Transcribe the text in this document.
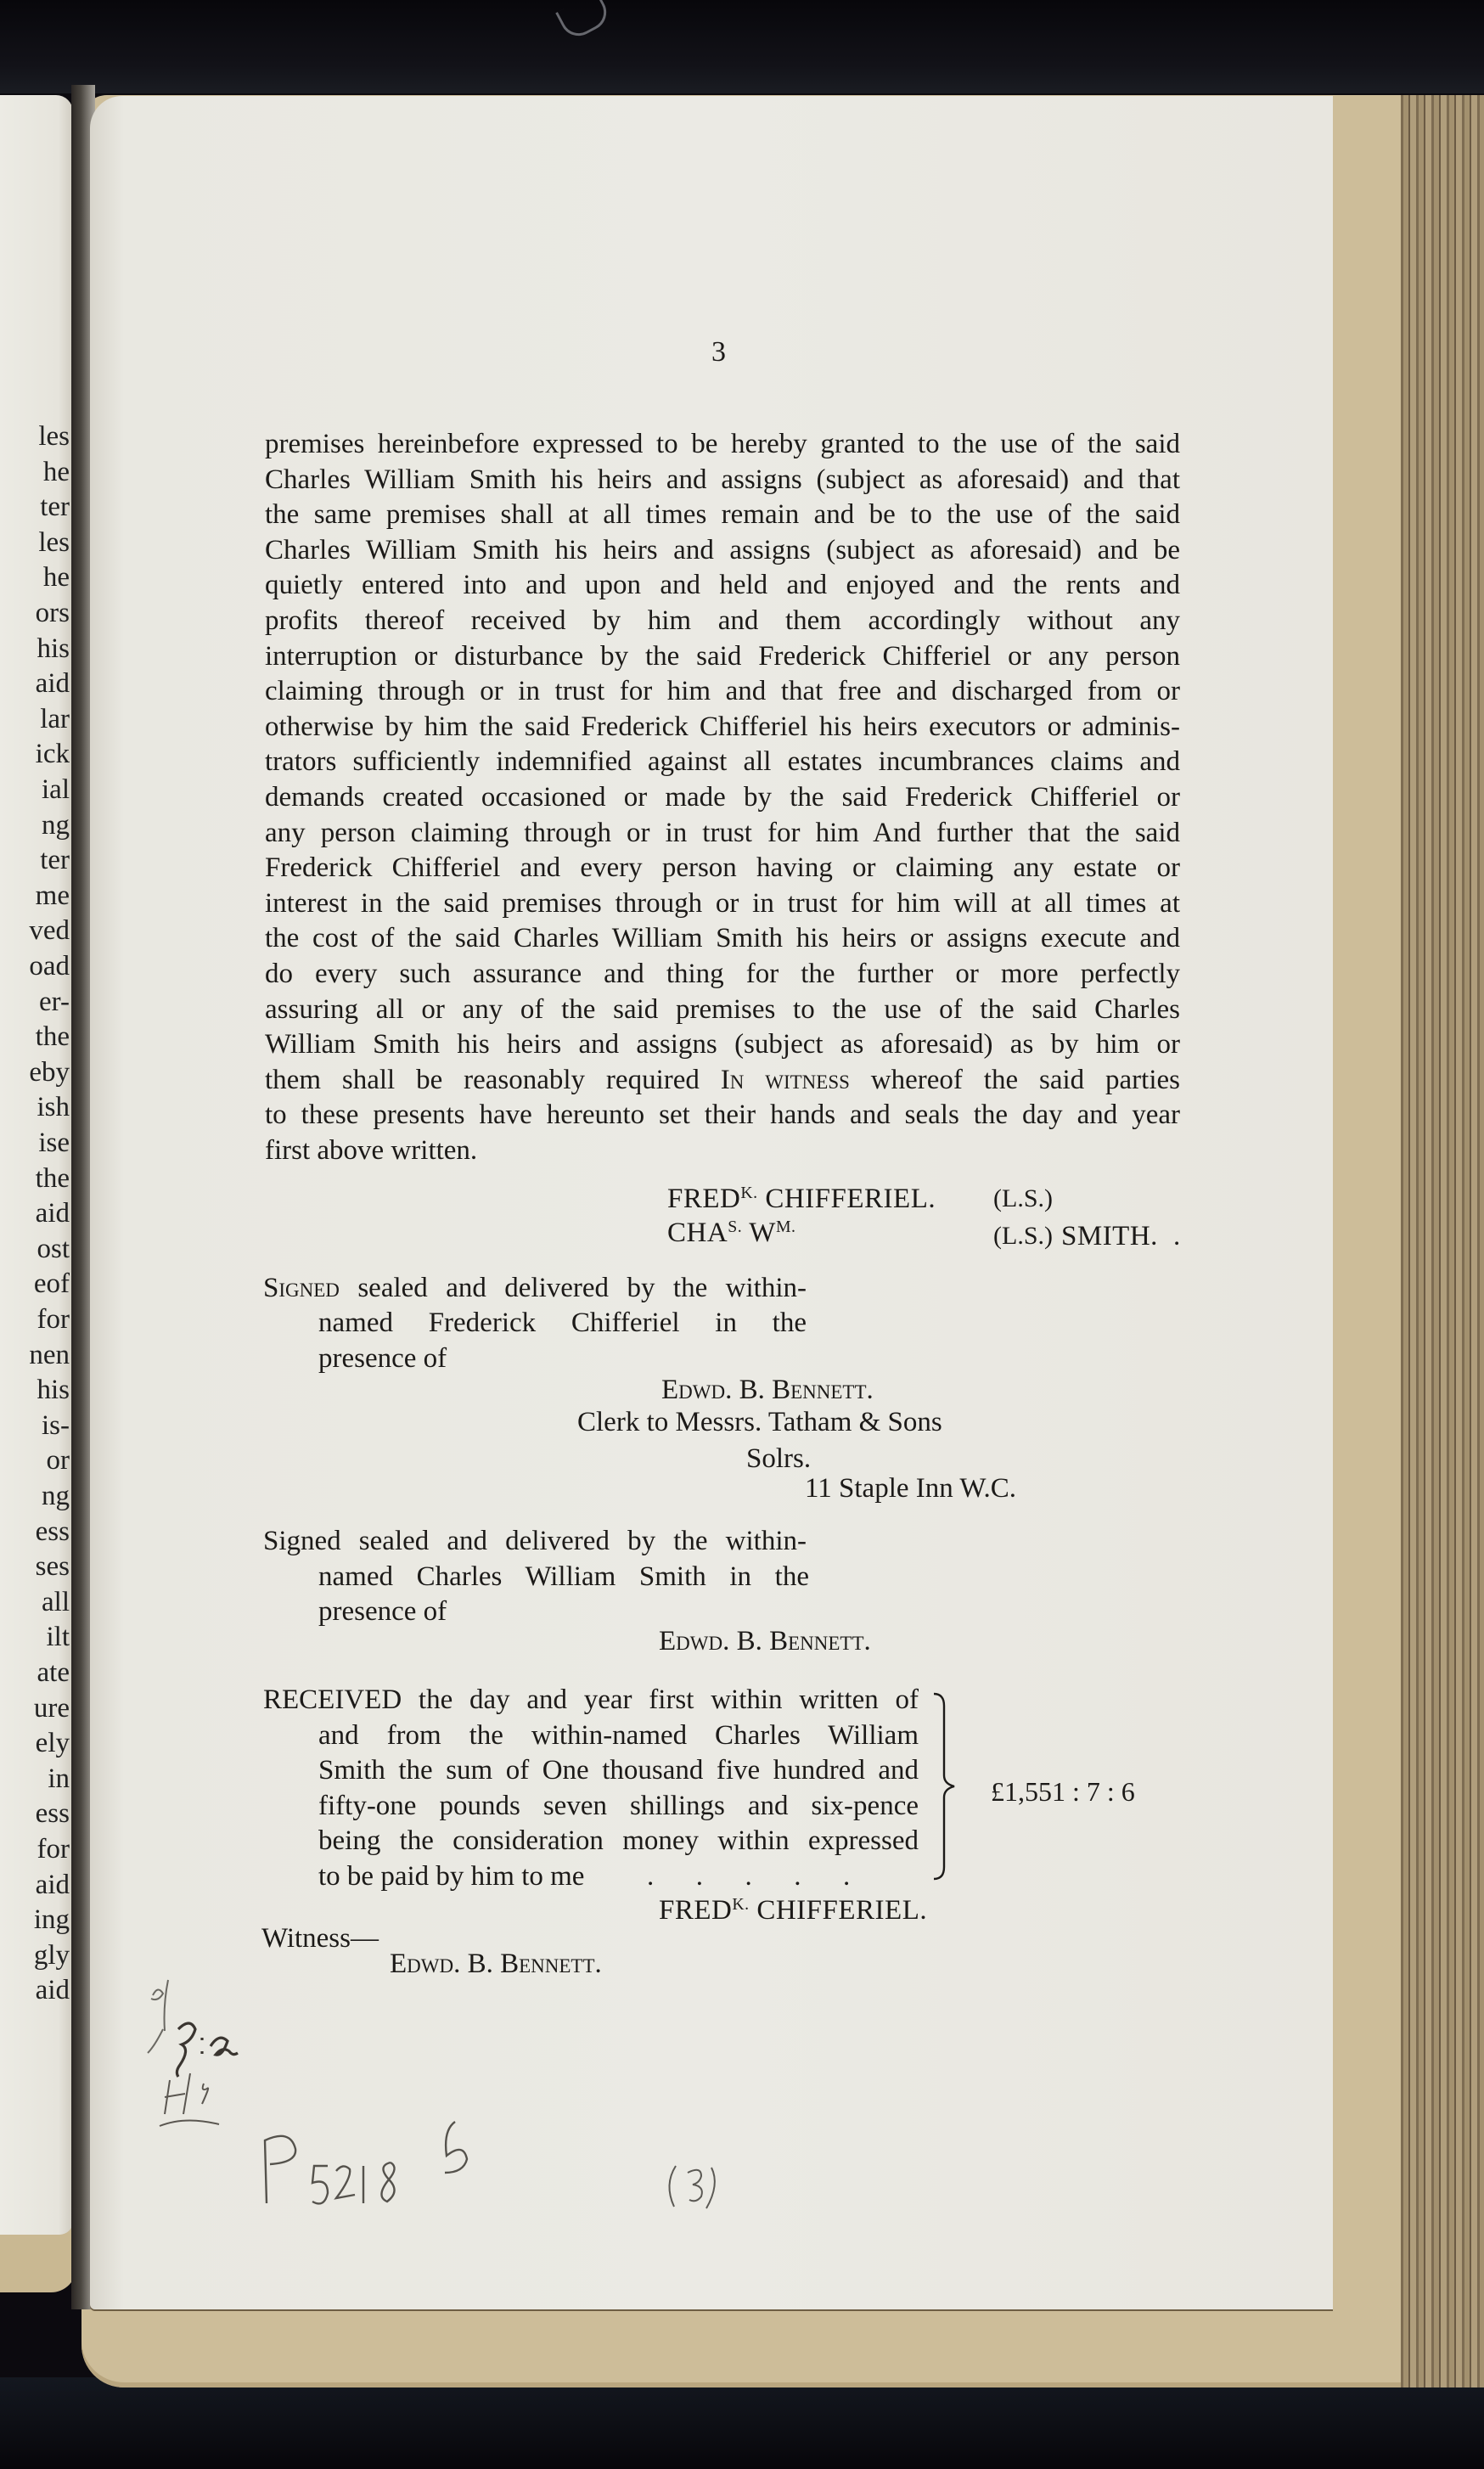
les
he
ter
les
he
ors
his
aid
lar
ick
ial
ng
ter
me
ved
oad
er-
the
eby
ish
ise
the
aid
ost
eof
for
nen
his
is-
or
ng
ess
ses
all
ilt
ate
ure
ely
in
ess
for
aid
ing
gly
aid
3
premises hereinbefore expressed to be hereby granted to the use of the said
Charles William Smith his heirs and assigns (subject as aforesaid) and that
the same premises shall at all times remain and be to the use of the said
Charles William Smith his heirs and assigns (subject as aforesaid) and be
quietly entered into and upon and held and enjoyed and the rents and
profits thereof received by him and them accordingly without any
interruption or disturbance by the said Frederick Chifferiel or any person
claiming through or in trust for him and that free and discharged from or
otherwise by him the said Frederick Chifferiel his heirs executors or adminis-
trators sufficiently indemnified against all estates incumbrances claims and
demands created occasioned or made by the said Frederick Chifferiel or
any person claiming through or in trust for him And further that the said
Frederick Chifferiel and every person having or claiming any estate or
interest in the said premises through or in trust for him will at all times at
the cost of the said Charles William Smith his heirs or assigns execute and
do every such assurance and thing for the further or more perfectly
assuring all or any of the said premises to the use of the said Charles
William Smith his heirs and assigns (subject as aforesaid) as by him or
them shall be reasonably required In witness whereof the said parties
to these presents have hereunto set their hands and seals the day and year
first above written.
$FRED^{K.}$ CHIFFERIEL. (L.S.)
$CHA^{S.}$ $W^{M.}$	(L.S.) SMITH. .
Signed sealed and delivered by the within-
named Frederick Chifferiel in the
presence of
Edwd. B. Bennett.
Clerk to Messrs. Tatham & Sons
Solrs.
11 Staple Inn W.C.
Signed sealed and delivered by the within-
named Charles William Smith in the
presence of
Edwd. B. Bennett.
RECEIVED the day and year first within written of
and from the within-named Charles William
Smith the sum of One thousand five hundred and
fifty-one pounds seven shillings and six-pence
being the consideration money within expressed
to be paid by him to me .      .      .      .      .
£1,551 : 7 : 6
$FRED^{K.}$ CHIFFERIEL.
Witness—
Edwd. B. Bennett.
